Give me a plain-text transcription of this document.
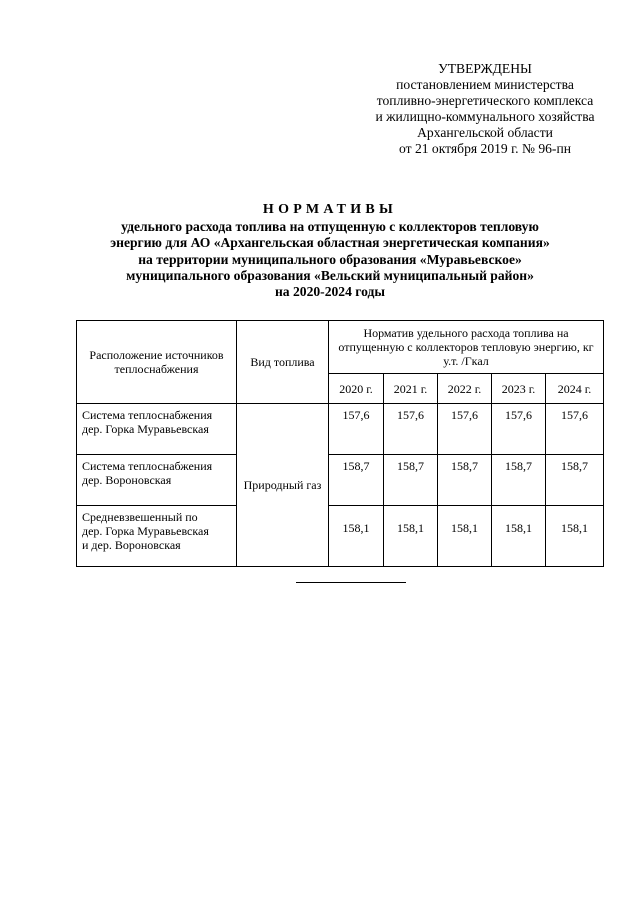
УТВЕРЖДЕНЫ
постановлением министерства
топливно-энергетического комплекса
и жилищно-коммунального хозяйства
Архангельской области
от 21 октября 2019 г. № 96-пн
НОРМАТИВЫ
удельного расхода топлива на отпущенную с коллекторов тепловую
энергию для АО «Архангельская областная энергетическая компания»
на территории муниципального образования «Муравьевское»
муниципального образования «Вельский муниципальный район»
на 2020-2024 годы
Расположение источников теплоснабжения	Вид топлива	Норматив удельного расхода топлива на отпущенную с коллекторов тепловую энергию, кг у.т. /Гкал				
		2020 г.	2021 г.	2022 г.	2023 г.	2024 г.

Система теплоснабжения
дер. Горка Муравьевская	Природный газ	157,6	157,6	157,6	157,6	157,6

Система теплоснабжения
дер. Вороновская		158,7	158,7	158,7	158,7	158,7

Средневзвешенный по
дер. Горка Муравьевская
и дер. Вороновская		158,1	158,1	158,1	158,1	158,1
